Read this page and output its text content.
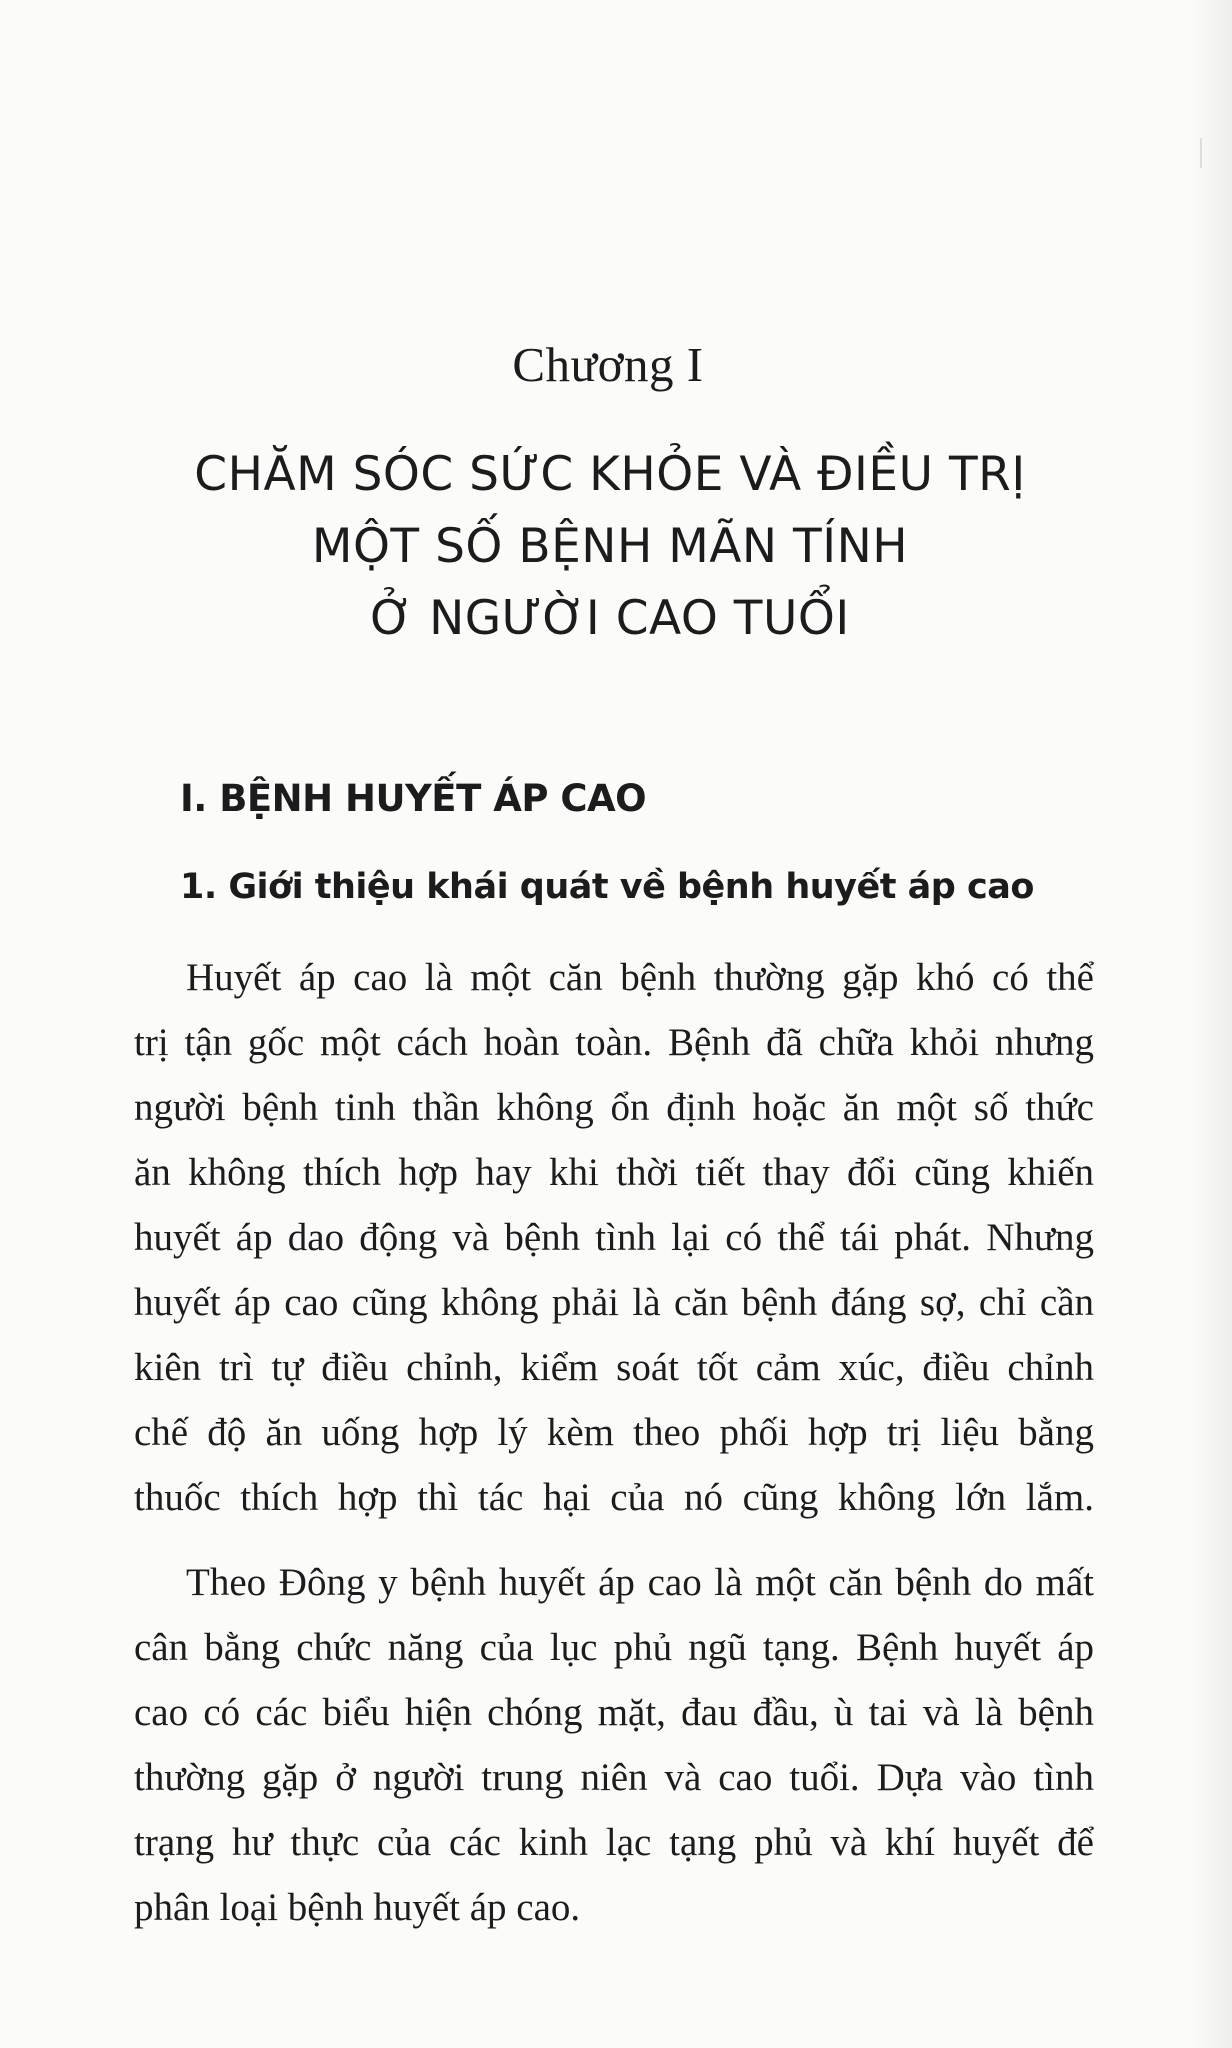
Chương I
CHĂM SÓC SỨC KHỎE VÀ ĐIỀU TRỊ
MỘT SỐ BỆNH MÃN TÍNH
Ở NGƯỜI CAO TUỔI
I. BỆNH HUYẾT ÁP CAO
1. Giới thiệu khái quát về bệnh huyết áp cao
Huyết áp cao là một căn bệnh thường gặp khó có thể
trị tận gốc một cách hoàn toàn. Bệnh đã chữa khỏi nhưng
người bệnh tinh thần không ổn định hoặc ăn một số thức
ăn không thích hợp hay khi thời tiết thay đổi cũng khiến
huyết áp dao động và bệnh tình lại có thể tái phát. Nhưng
huyết áp cao cũng không phải là căn bệnh đáng sợ, chỉ cần
kiên trì tự điều chỉnh, kiểm soát tốt cảm xúc, điều chỉnh
chế độ ăn uống hợp lý kèm theo phối hợp trị liệu bằng
thuốc thích hợp thì tác hại của nó cũng không lớn lắm.
Theo Đông y bệnh huyết áp cao là một căn bệnh do mất
cân bằng chức năng của lục phủ ngũ tạng. Bệnh huyết áp
cao có các biểu hiện chóng mặt, đau đầu, ù tai và là bệnh
thường gặp ở người trung niên và cao tuổi. Dựa vào tình
trạng hư thực của các kinh lạc tạng phủ và khí huyết để
phân loại bệnh huyết áp cao.
